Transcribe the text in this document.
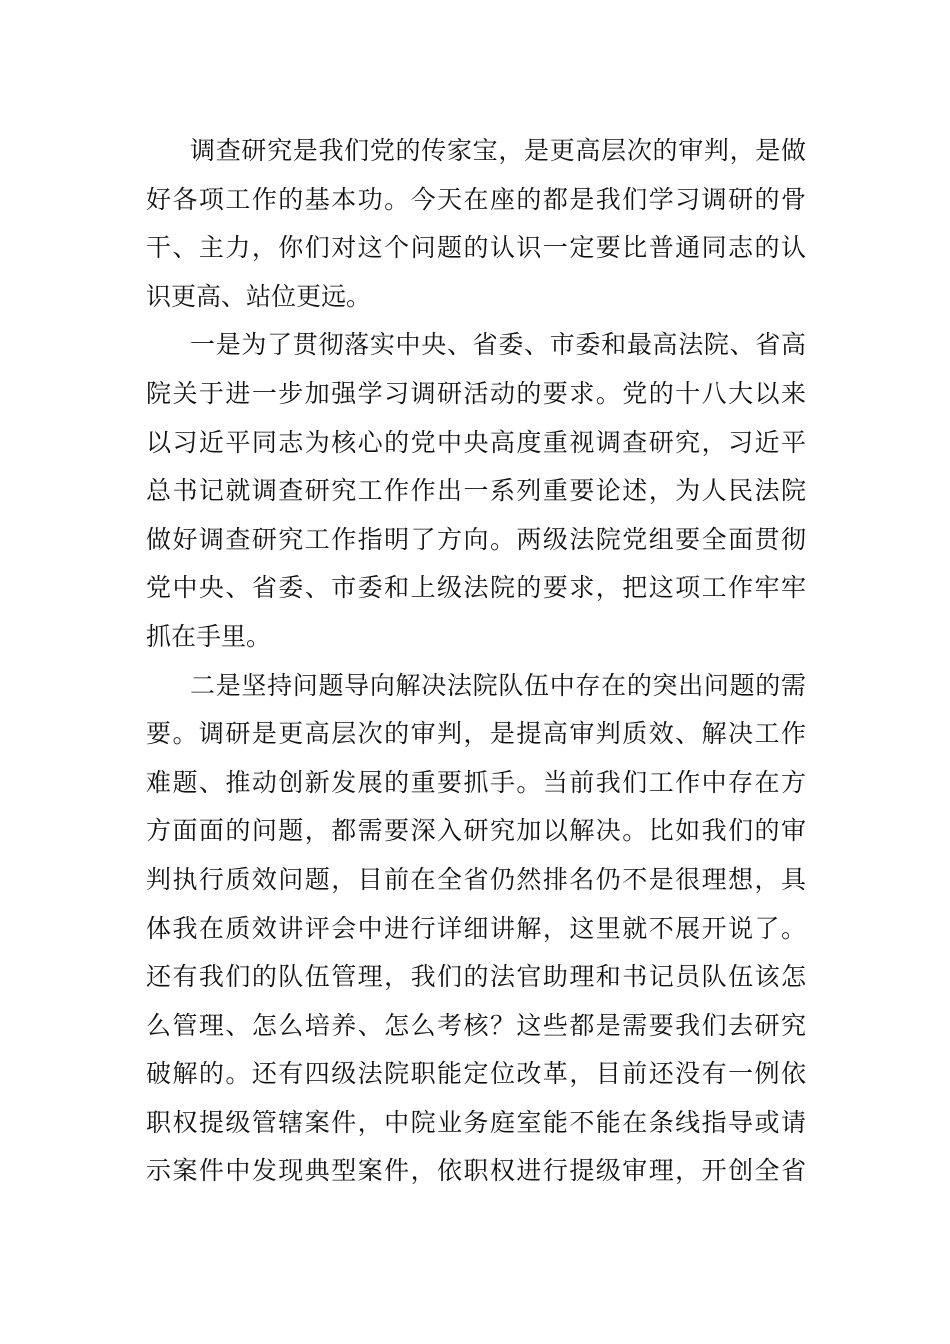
调查研究是我们党的传家宝，是更高层次的审判，是做
好各项工作的基本功。今天在座的都是我们学习调研的骨
干、主力，你们对这个问题的认识一定要比普通同志的认
识更高、站位更远。
一是为了贯彻落实中央、省委、市委和最高法院、省高
院关于进一步加强学习调研活动的要求。党的十八大以来
以习近平同志为核心的党中央高度重视调查研究，习近平
总书记就调查研究工作作出一系列重要论述，为人民法院
做好调查研究工作指明了方向。两级法院党组要全面贯彻
党中央、省委、市委和上级法院的要求，把这项工作牢牢
抓在手里。
二是坚持问题导向解决法院队伍中存在的突出问题的需
要。调研是更高层次的审判，是提高审判质效、解决工作
难题、推动创新发展的重要抓手。当前我们工作中存在方
方面面的问题，都需要深入研究加以解决。比如我们的审
判执行质效问题，目前在全省仍然排名仍不是很理想，具
体我在质效讲评会中进行详细讲解，这里就不展开说了。
还有我们的队伍管理，我们的法官助理和书记员队伍该怎
么管理、怎么培养、怎么考核？这些都是需要我们去研究
破解的。还有四级法院职能定位改革，目前还没有一例依
职权提级管辖案件，中院业务庭室能不能在条线指导或请
示案件中发现典型案件，依职权进行提级审理，开创全省
